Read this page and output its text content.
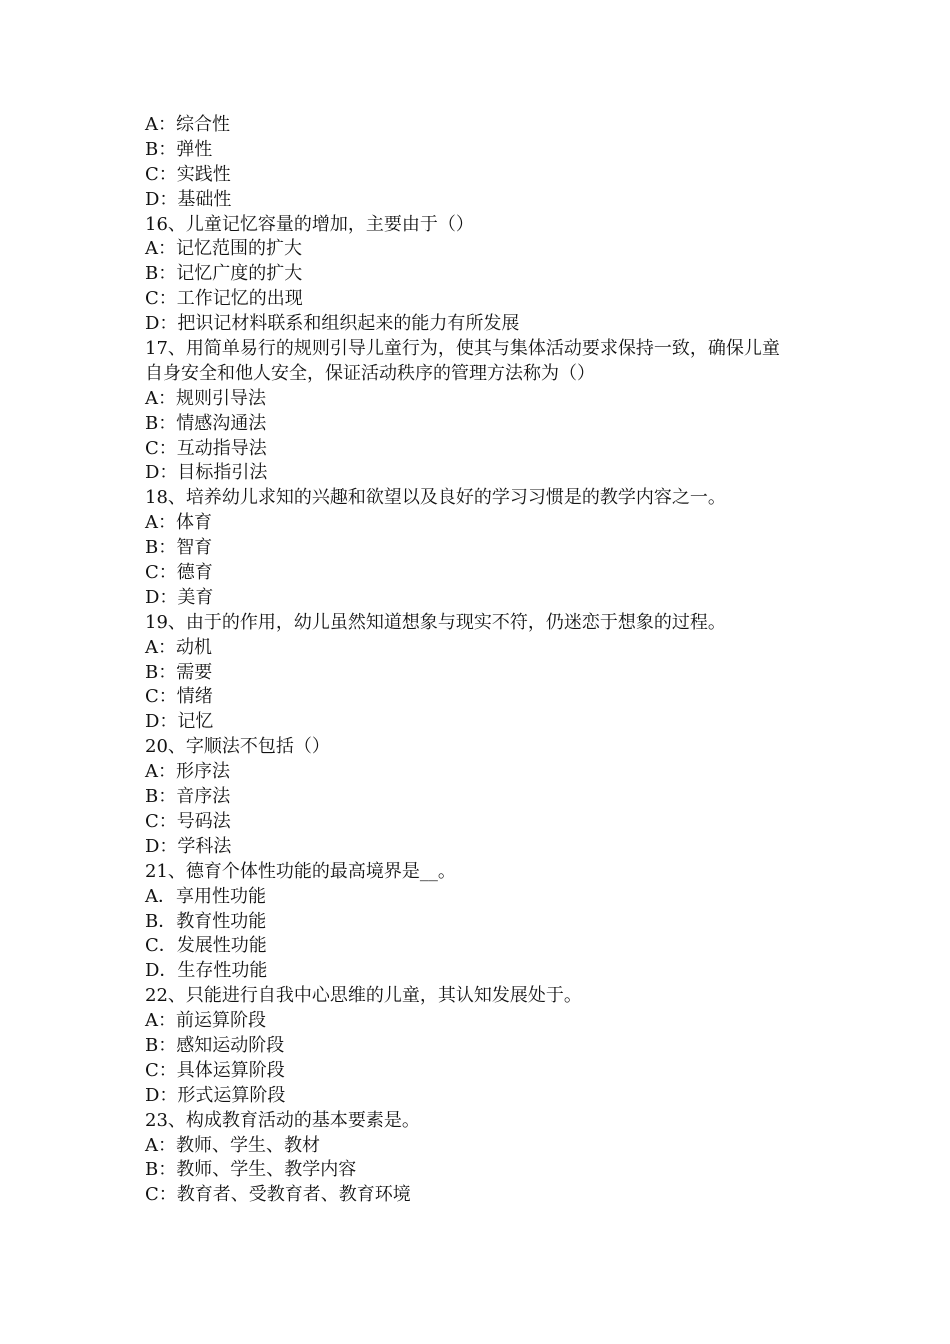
A：综合性

B：弹性

C：实践性

D：基础性

16、儿童记忆容量的增加，主要由于（）

A：记忆范围的扩大

B：记忆广度的扩大

C：工作记忆的出现

D：把识记材料联系和组织起来的能力有所发展

17、用简单易行的规则引导儿童行为，使其与集体活动要求保持一致，确保儿童

自身安全和他人安全，保证活动秩序的管理方法称为（）

A：规则引导法

B：情感沟通法

C：互动指导法

D：目标指引法

18、培养幼儿求知的兴趣和欲望以及良好的学习习惯是的教学内容之一。

A：体育

B：智育

C：德育

D：美育

19、由于的作用，幼儿虽然知道想象与现实不符，仍迷恋于想象的过程。

A：动机

B：需要

C：情绪

D：记忆

20、字顺法不包括（）

A：形序法

B：音序法

C：号码法

D：学科法

21、德育个体性功能的最高境界是__。

A．享用性功能

B．教育性功能

C．发展性功能

D．生存性功能

22、只能进行自我中心思维的儿童，其认知发展处于。

A：前运算阶段

B：感知运动阶段

C：具体运算阶段

D：形式运算阶段

23、构成教育活动的基本要素是。

A：教师、学生、教材

B：教师、学生、教学内容

C：教育者、受教育者、教育环境
